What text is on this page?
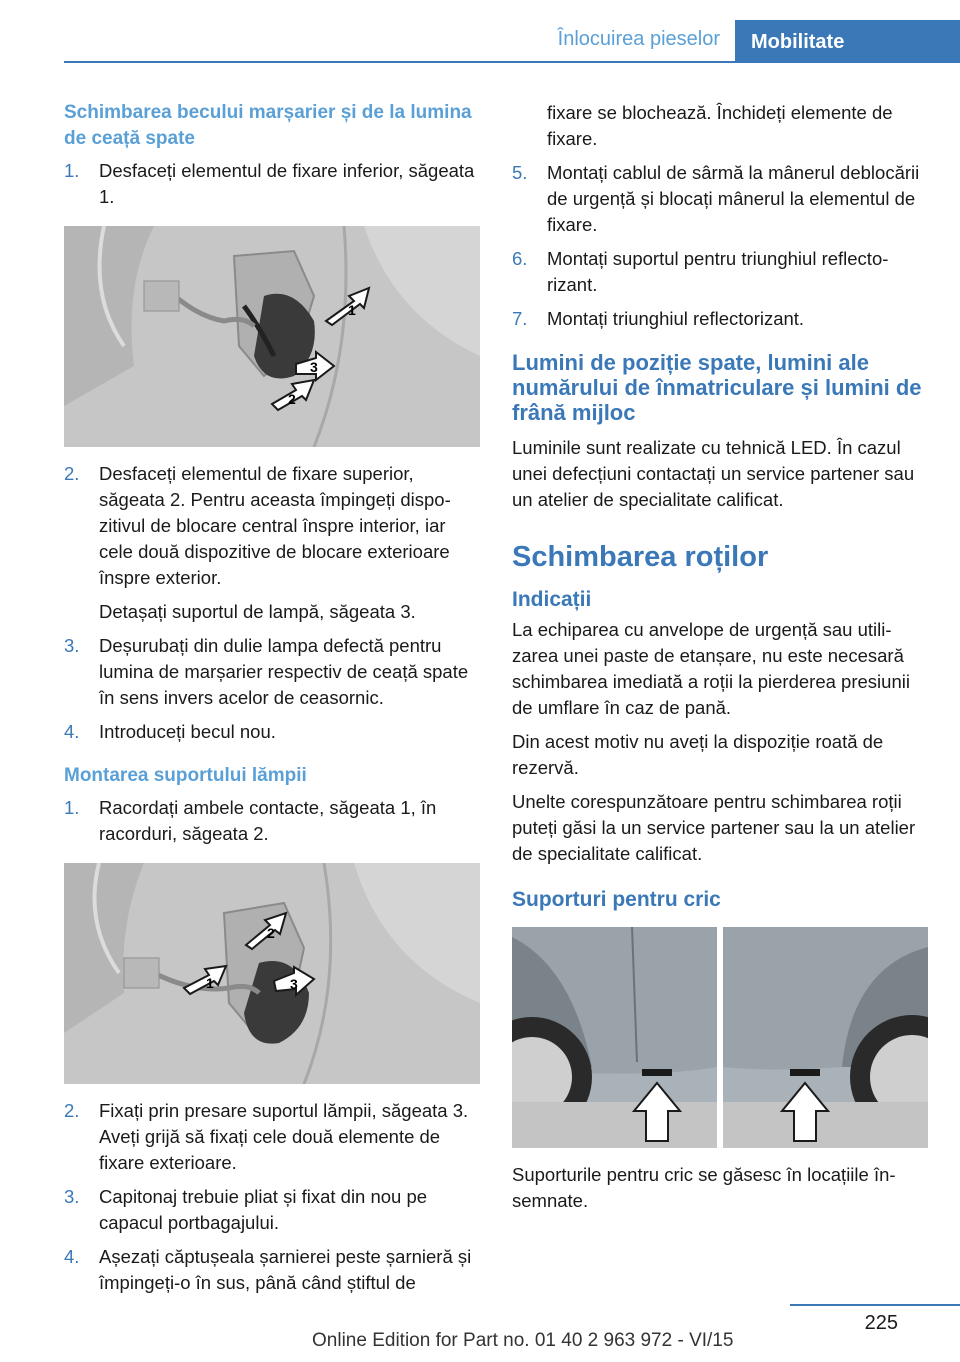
Înlocuirea pieselor	Mobilitate
Schimbarea becului marșarier și de la lumina de ceață spate
1.	Desfaceți elementul de fixare inferior, săgeata 1.
1
2
3
2.	Desfaceți elementul de fixare superior, săgeata 2. Pentru aceasta împingeți dispozitivul de blocare central înspre interior, iar cele două dispozitive de blocare exterioare înspre exterior.
Detașați suportul de lampă, săgeata 3.
3.	Deșurubați din dulie lampa defectă pentru lumina de marșarier respectiv de ceață spate în sens invers acelor de ceasornic.
4.	Introduceți becul nou.
Montarea suportului lămpii
1.	Racordați ambele contacte, săgeata 1, în racorduri, săgeata 2.
2
1	3
2.	Fixați prin presare suportul lămpii, săgeata 3. Aveți grijă să fixați cele două elemente de fixare exterioare.
3.	Capitonaj trebuie pliat și fixat din nou pe capacul portbagajului.
4.	Așezați căptușeala șarnierei peste șarnieră și împingeți-o în sus, până când știftul de
fixare se blochează. Închideți elemente de fixare.
5.	Montați cablul de sârmă la mânerul deblocării de urgență și blocați mânerul la elementul de fixare.
6.	Montați suportul pentru triunghiul reflectorizant.
7.	Montați triunghiul reflectorizant.
Lumini de poziție spate, lumini ale numărului de înmatriculare și lumini de frână mijloc
Luminile sunt realizate cu tehnică LED. În cazul unei defecțiuni contactați un service partener sau un atelier de specialitate calificat.
Schimbarea roților
Indicații
La echiparea cu anvelope de urgență sau utilizarea unei paste de etanșare, nu este necesară schimbarea imediată a roții la pierderea presiunii de umflare în caz de pană.
Din acest motiv nu aveți la dispoziție roată de rezervă.
Unelte corespunzătoare pentru schimbarea roții puteți găsi la un service partener sau la un atelier de specialitate calificat.
Suporturi pentru cric
Suporturile pentru cric se găsesc în locațiile însemnate.
225
Online Edition for Part no. 01 40 2 963 972 - VI/15
